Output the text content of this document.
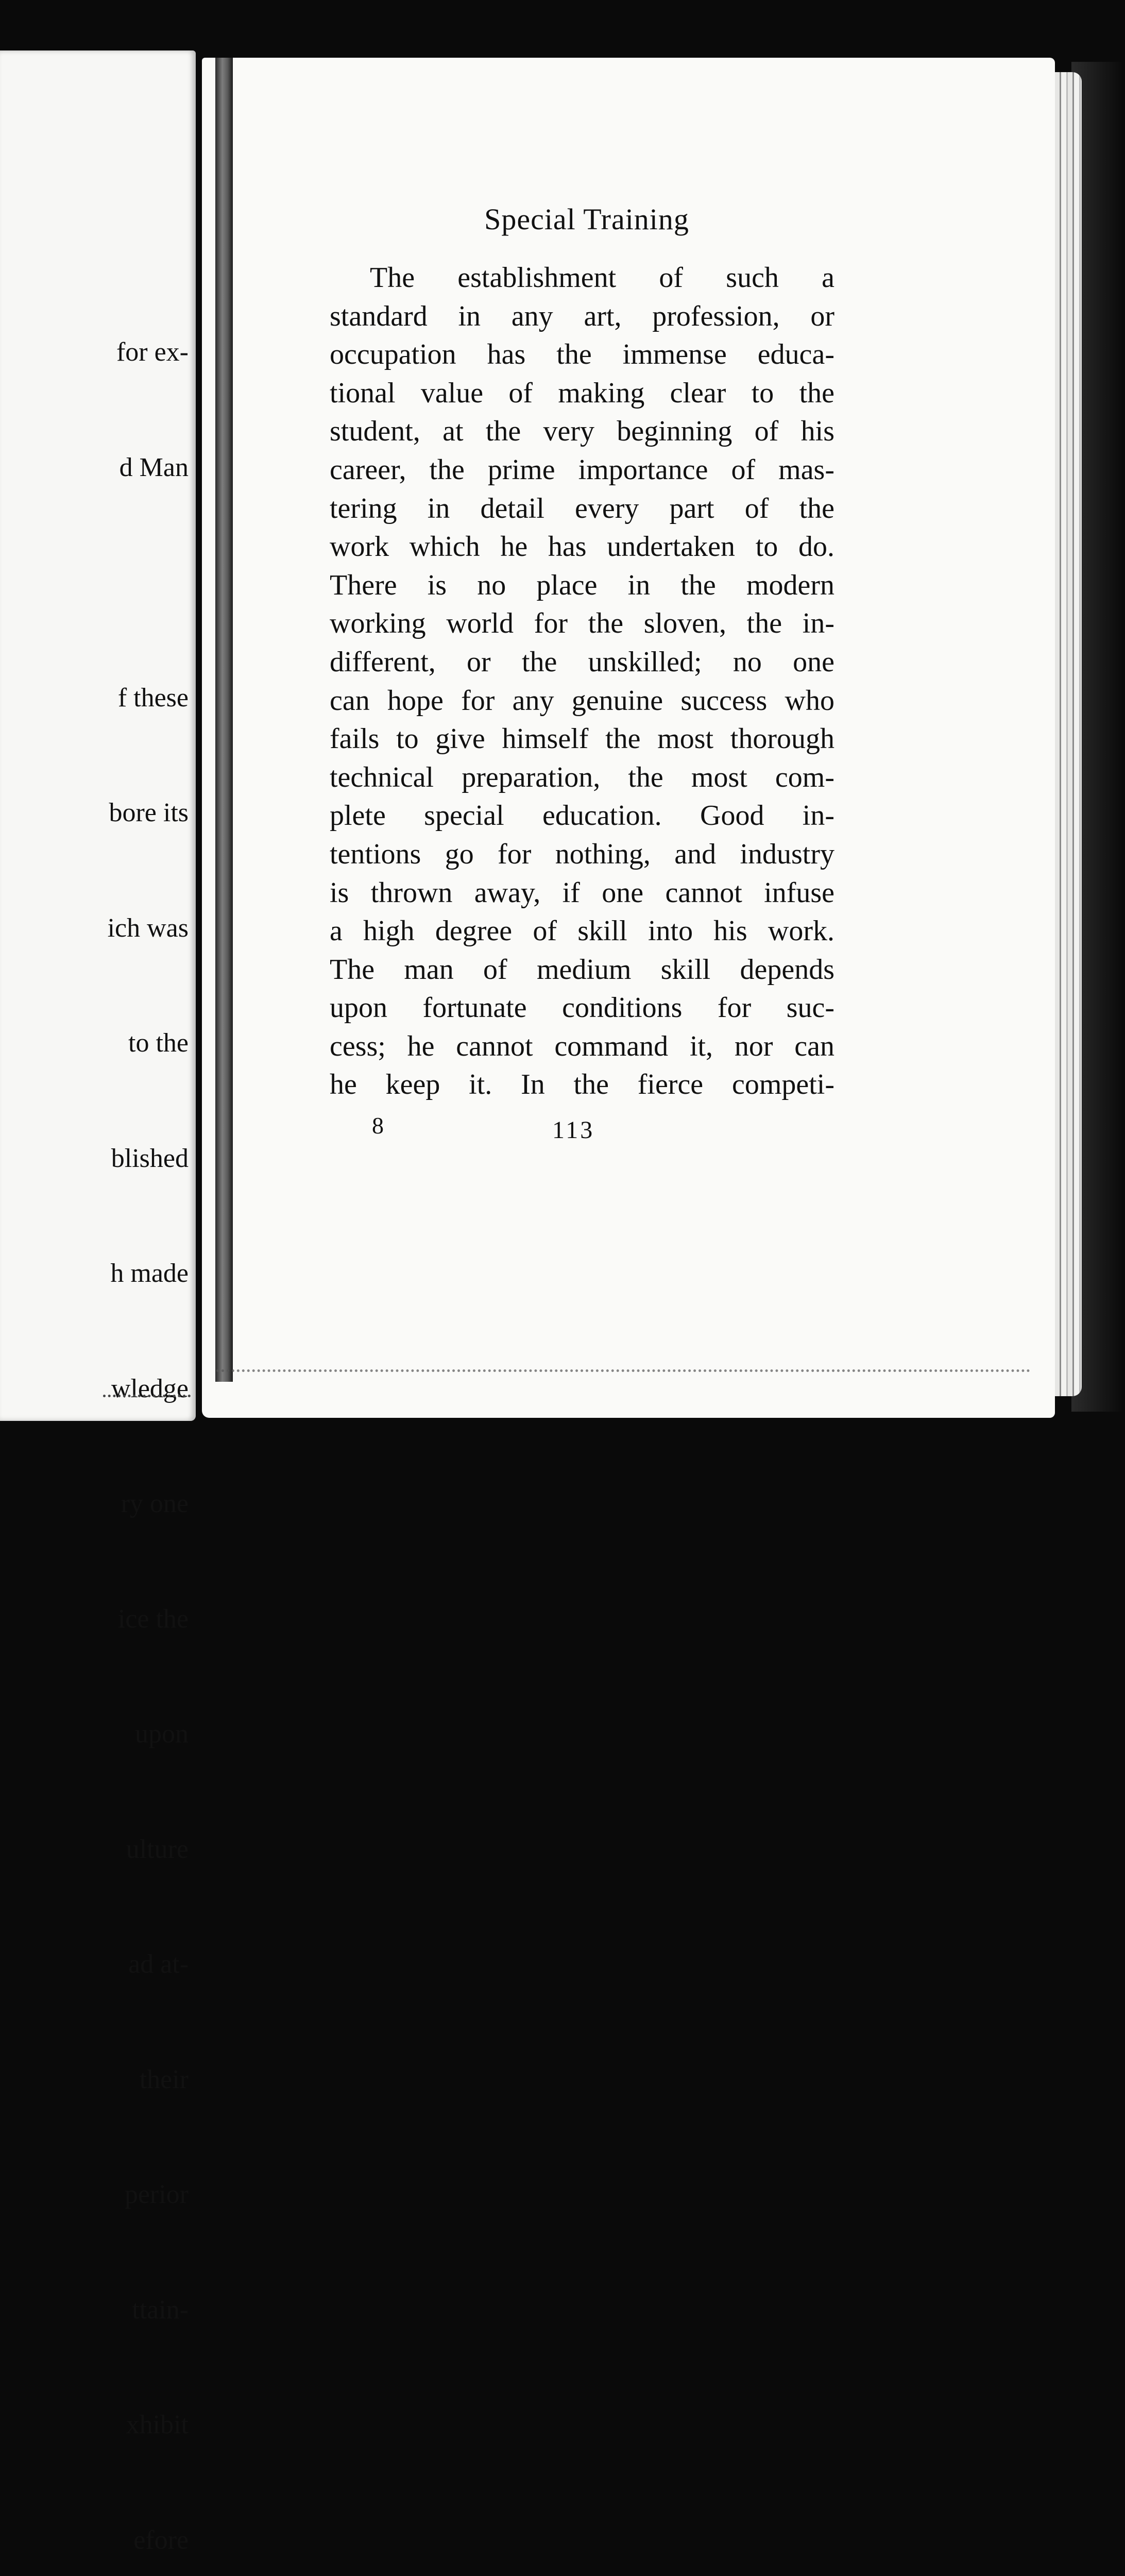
for ex-

d Man

f these

bore its

ich was

to the

blished

h made

wledge

ry one

ice the

upon

ulture

ad at-

their

perior

ttain-

xhibit

efore

Special Training
The establishment of such a
standard in any art, profession, or
occupation has the immense educa-
tional value of making clear to the
student, at the very beginning of his
career, the prime importance of mas-
tering in detail every part of the
work which he has undertaken to do.
There is no place in the modern
working world for the sloven, the in-
different, or the unskilled; no one
can hope for any genuine success who
fails to give himself the most thorough
technical preparation, the most com-
plete special education. Good in-
tentions go for nothing, and industry
is thrown away, if one cannot infuse
a high degree of skill into his work.
The man of medium skill depends
upon fortunate conditions for suc-
cess; he cannot command it, nor can
he keep it. In the fierce competi-
8	113
